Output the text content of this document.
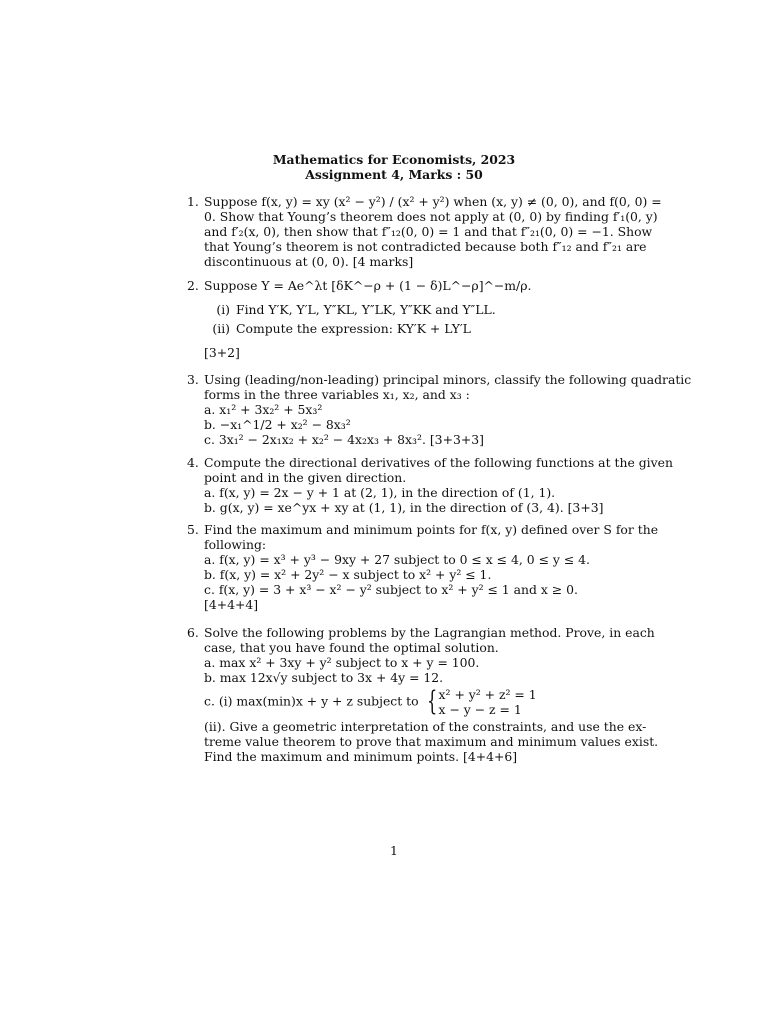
Mathematics for Economists, 2023
Assignment 4, Marks : 50
1. Suppose f(x, y) = xy (x² − y²) / (x² + y²) when (x, y) ≠ (0, 0), and f(0, 0) =
0. Show that Young’s theorem does not apply at (0, 0) by finding f′₁(0, y)
and f′₂(x, 0), then show that f″₁₂(0, 0) = 1 and that f″₂₁(0, 0) = −1. Show
that Young’s theorem is not contradicted because both f″₁₂ and f″₂₁ are
discontinuous at (0, 0). [4 marks]
2. Suppose Y = Ae^λt [δK^−ρ + (1 − δ)L^−ρ]^−m/ρ.
(i) Find Y′K, Y′L, Y″KL, Y″LK, Y″KK and Y″LL.
(ii) Compute the expression: KY′K + LY′L
[3+2]
3. Using (leading/non-leading) principal minors, classify the following quadratic
forms in the three variables x₁, x₂, and x₃ :
a. x₁² + 3x₂² + 5x₃²
b. −x₁^1/2 + x₂² − 8x₃²
c. 3x₁² − 2x₁x₂ + x₂² − 4x₂x₃ + 8x₃². [3+3+3]
4. Compute the directional derivatives of the following functions at the given
point and in the given direction.
a. f(x, y) = 2x − y + 1 at (2, 1), in the direction of (1, 1).
b. g(x, y) = xe^yx + xy at (1, 1), in the direction of (3, 4). [3+3]
5. Find the maximum and minimum points for f(x, y) defined over S for the
following:
a. f(x, y) = x³ + y³ − 9xy + 27 subject to 0 ≤ x ≤ 4, 0 ≤ y ≤ 4.
b. f(x, y) = x² + 2y² − x subject to x² + y² ≤ 1.
c. f(x, y) = 3 + x³ − x² − y² subject to x² + y² ≤ 1 and x ≥ 0.
[4+4+4]
6. Solve the following problems by the Lagrangian method. Prove, in each
case, that you have found the optimal solution.
a. max x² + 3xy + y² subject to x + y = 100.
b. max 12x√y subject to 3x + 4y = 12.
c. (i) max(min)x + y + z subject to { x² + y² + z² = 1
x − y − z = 1
(ii). Give a geometric interpretation of the constraints, and use the ex-
treme value theorem to prove that maximum and minimum values exist.
Find the maximum and minimum points. [4+4+6]
1
